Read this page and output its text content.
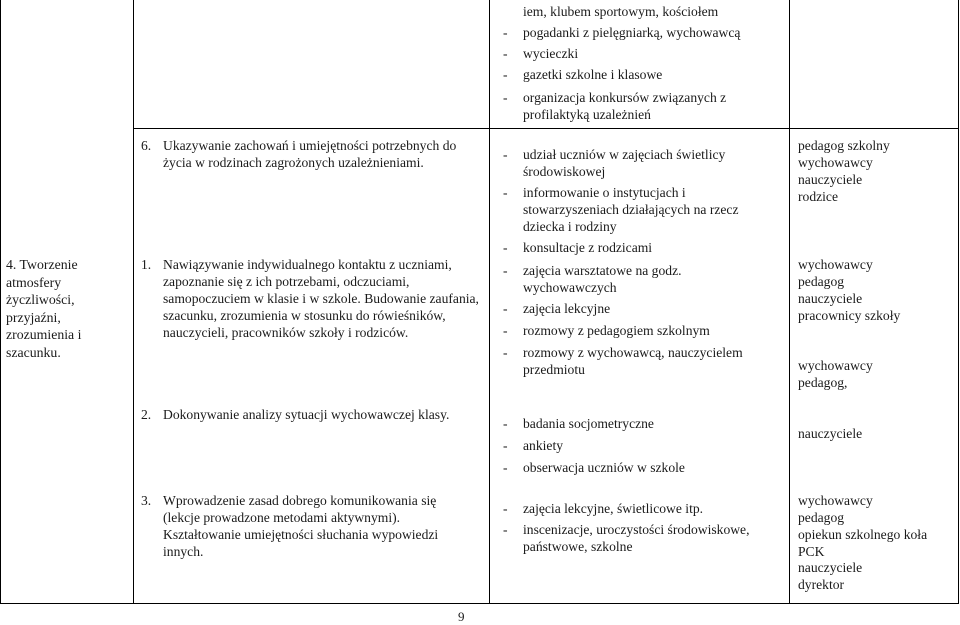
4. Tworzenie atmosfery życzliwości, przyjaźni, zrozumienia i szacunku.
iem, klubem sportowym, kościołem
- pogadanki z pielęgniarką, wychowawcą
- wycieczki
- gazetki szkolne i klasowe
- organizacja konkursów związanych z profilaktyką uzależnień
6. Ukazywanie zachowań i umiejętności potrzebnych do życia w rodzinach zagrożonych uzależnieniami.
- udział uczniów w zajęciach świetlicy środowiskowej
- informowanie o instytucjach i stowarzyszeniach działających na rzecz dziecka i rodziny
- konsultacje z rodzicami
pedagog szkolny
wychowawcy
nauczyciele
rodzice
1. Nawiązywanie indywidualnego kontaktu z uczniami, zapoznanie się z ich potrzebami, odczuciami, samopoczuciem w klasie i w szkole. Budowanie zaufania, szacunku, zrozumienia w stosunku do rówieśników, nauczycieli, pracowników szkoły i rodziców.
- zajęcia warsztatowe na godz. wychowawczych
- zajęcia lekcyjne
- rozmowy z pedagogiem szkolnym
- rozmowy z wychowawcą, nauczycielem przedmiotu
wychowawcy
pedagog
nauczyciele
pracownicy szkoły
wychowawcy
pedagog,
2. Dokonywanie analizy sytuacji wychowawczej klasy.
- badania socjometryczne
- ankiety
- obserwacja uczniów w szkole
nauczyciele
3. Wprowadzenie zasad dobrego komunikowania się (lekcje prowadzone metodami aktywnymi). Kształtowanie umiejętności słuchania wypowiedzi innych.
- zajęcia lekcyjne, świetlicowe itp.
- inscenizacje, uroczystości środowiskowe, państwowe, szkolne
wychowawcy
pedagog
opiekun szkolnego koła
PCK
nauczyciele
dyrektor
9
